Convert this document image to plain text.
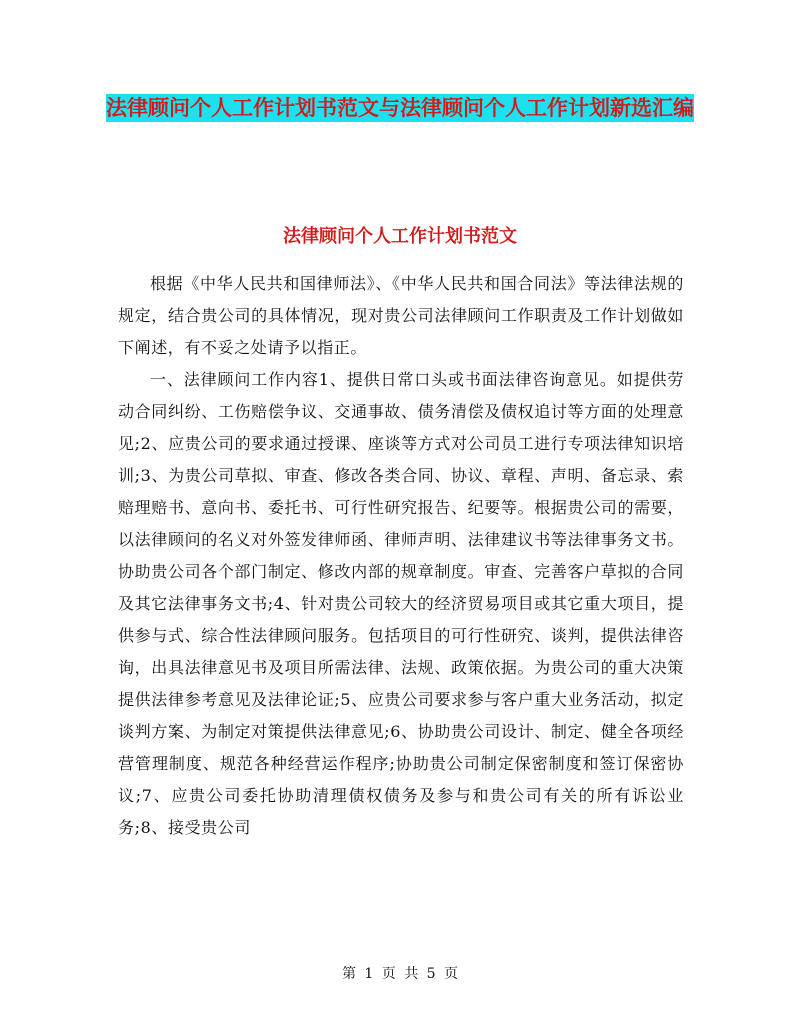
法律顾问个人工作计划书范文与法律顾问个人工作计划新选汇编
法律顾问个人工作计划书范文

根据《中华人民共和国律师法》、《中华人民共和国合同法》等法律法规的规定，结合贵公司的具体情况，现对贵公司法律顾问工作职责及工作计划做如下阐述，有不妥之处请予以指正。

一、法律顾问工作内容1、提供日常口头或书面法律咨询意见。如提供劳动合同纠纷、工伤赔偿争议、交通事故、债务清偿及债权追讨等方面的处理意见;2、应贵公司的要求通过授课、座谈等方式对公司员工进行专项法律知识培训;3、为贵公司草拟、审查、修改各类合同、协议、章程、声明、备忘录、索赔理赔书、意向书、委托书、可行性研究报告、纪要等。根据贵公司的需要，以法律顾问的名义对外签发律师函、律师声明、法律建议书等法律事务文书。协助贵公司各个部门制定、修改内部的规章制度。审查、完善客户草拟的合同及其它法律事务文书;4、针对贵公司较大的经济贸易项目或其它重大项目，提供参与式、综合性法律顾问服务。包括项目的可行性研究、谈判，提供法律咨询，出具法律意见书及项目所需法律、法规、政策依据。为贵公司的重大决策提供法律参考意见及法律论证;5、应贵公司要求参与客户重大业务活动，拟定谈判方案、为制定对策提供法律意见;6、协助贵公司设计、制定、健全各项经营管理制度、规范各种经营运作程序;协助贵公司制定保密制度和签订保密协议;7、应贵公司委托协助清理债权债务及参与和贵公司有关的所有诉讼业务;8、接受贵公司

第 1 页 共 5 页
